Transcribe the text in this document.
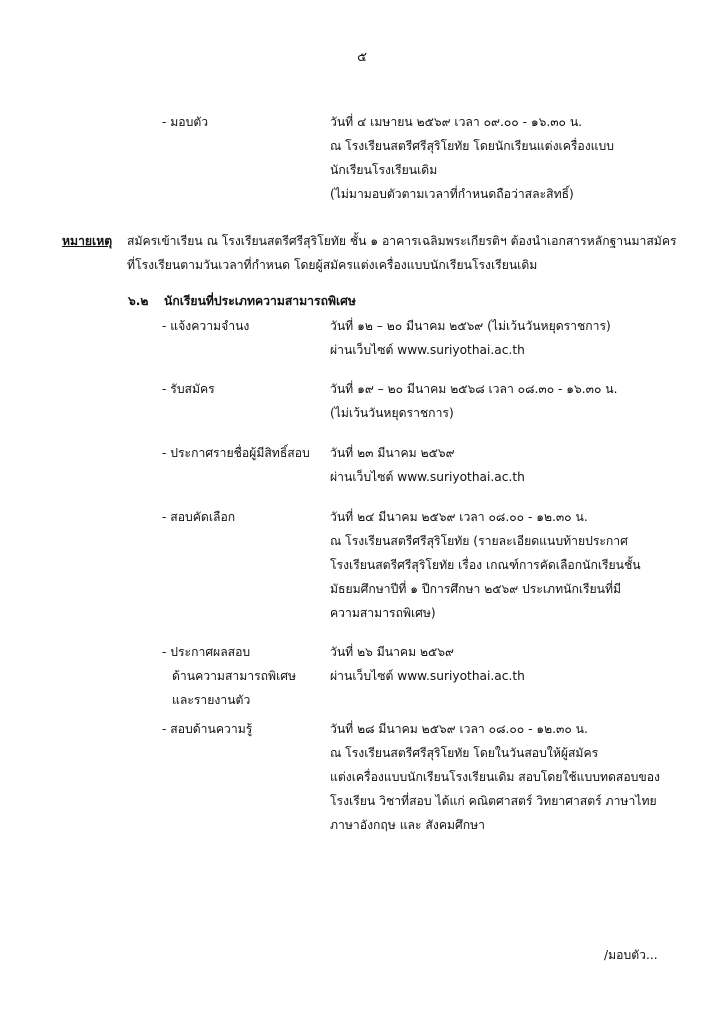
๕
- มอบตัว	วันที่ ๔ เมษายน ๒๕๖๙ เวลา ๐๙.๐๐ - ๑๖.๓๐ น.
ณ โรงเรียนสตรีศรีสุริโยทัย โดยนักเรียนแต่งเครื่องแบบ
นักเรียนโรงเรียนเดิม
(ไม่มามอบตัวตามเวลาที่กำหนดถือว่าสละสิทธิ์)
หมายเหตุ สมัครเข้าเรียน ณ โรงเรียนสตรีศรีสุริโยทัย ชั้น ๑ อาคารเฉลิมพระเกียรติฯ ต้องนำเอกสารหลักฐานมาสมัคร
ที่โรงเรียนตามวันเวลาที่กำหนด โดยผู้สมัครแต่งเครื่องแบบนักเรียนโรงเรียนเดิม
๖.๒ นักเรียนที่ประเภทความสามารถพิเศษ
- แจ้งความจำนง	วันที่ ๑๒ – ๒๐ มีนาคม ๒๕๖๙ (ไม่เว้นวันหยุดราชการ)
ผ่านเว็บไซต์ www.suriyothai.ac.th
- รับสมัคร	วันที่ ๑๙ – ๒๐ มีนาคม ๒๕๖๘ เวลา ๐๘.๓๐ - ๑๖.๓๐ น.
(ไม่เว้นวันหยุดราชการ)
- ประกาศรายชื่อผู้มีสิทธิ์สอบ วันที่ ๒๓ มีนาคม ๒๕๖๙
ผ่านเว็บไซต์ www.suriyothai.ac.th
- สอบคัดเลือก	วันที่ ๒๔ มีนาคม ๒๕๖๙ เวลา ๐๘.๐๐ - ๑๒.๓๐ น.
ณ โรงเรียนสตรีศรีสุริโยทัย (รายละเอียดแนบท้ายประกาศ
โรงเรียนสตรีศรีสุริโยทัย เรื่อง เกณฑ์การคัดเลือกนักเรียนชั้น
มัธยมศึกษาปีที่ ๑ ปีการศึกษา ๒๕๖๙ ประเภทนักเรียนที่มี
ความสามารถพิเศษ)
- ประกาศผลสอบ
ด้านความสามารถพิเศษ
และรายงานตัว
วันที่ ๒๖ มีนาคม ๒๕๖๙
ผ่านเว็บไซต์ www.suriyothai.ac.th
- สอบด้านความรู้	วันที่ ๒๘ มีนาคม ๒๕๖๙ เวลา ๐๘.๐๐ - ๑๒.๓๐ น.
ณ โรงเรียนสตรีศรีสุริโยทัย โดยในวันสอบให้ผู้สมัคร
แต่งเครื่องแบบนักเรียนโรงเรียนเดิม สอบโดยใช้แบบทดสอบของ
โรงเรียน วิชาที่สอบ ได้แก่ คณิตศาสตร์ วิทยาศาสตร์ ภาษาไทย
ภาษาอังกฤษ และ สังคมศึกษา
/มอบตัว...
